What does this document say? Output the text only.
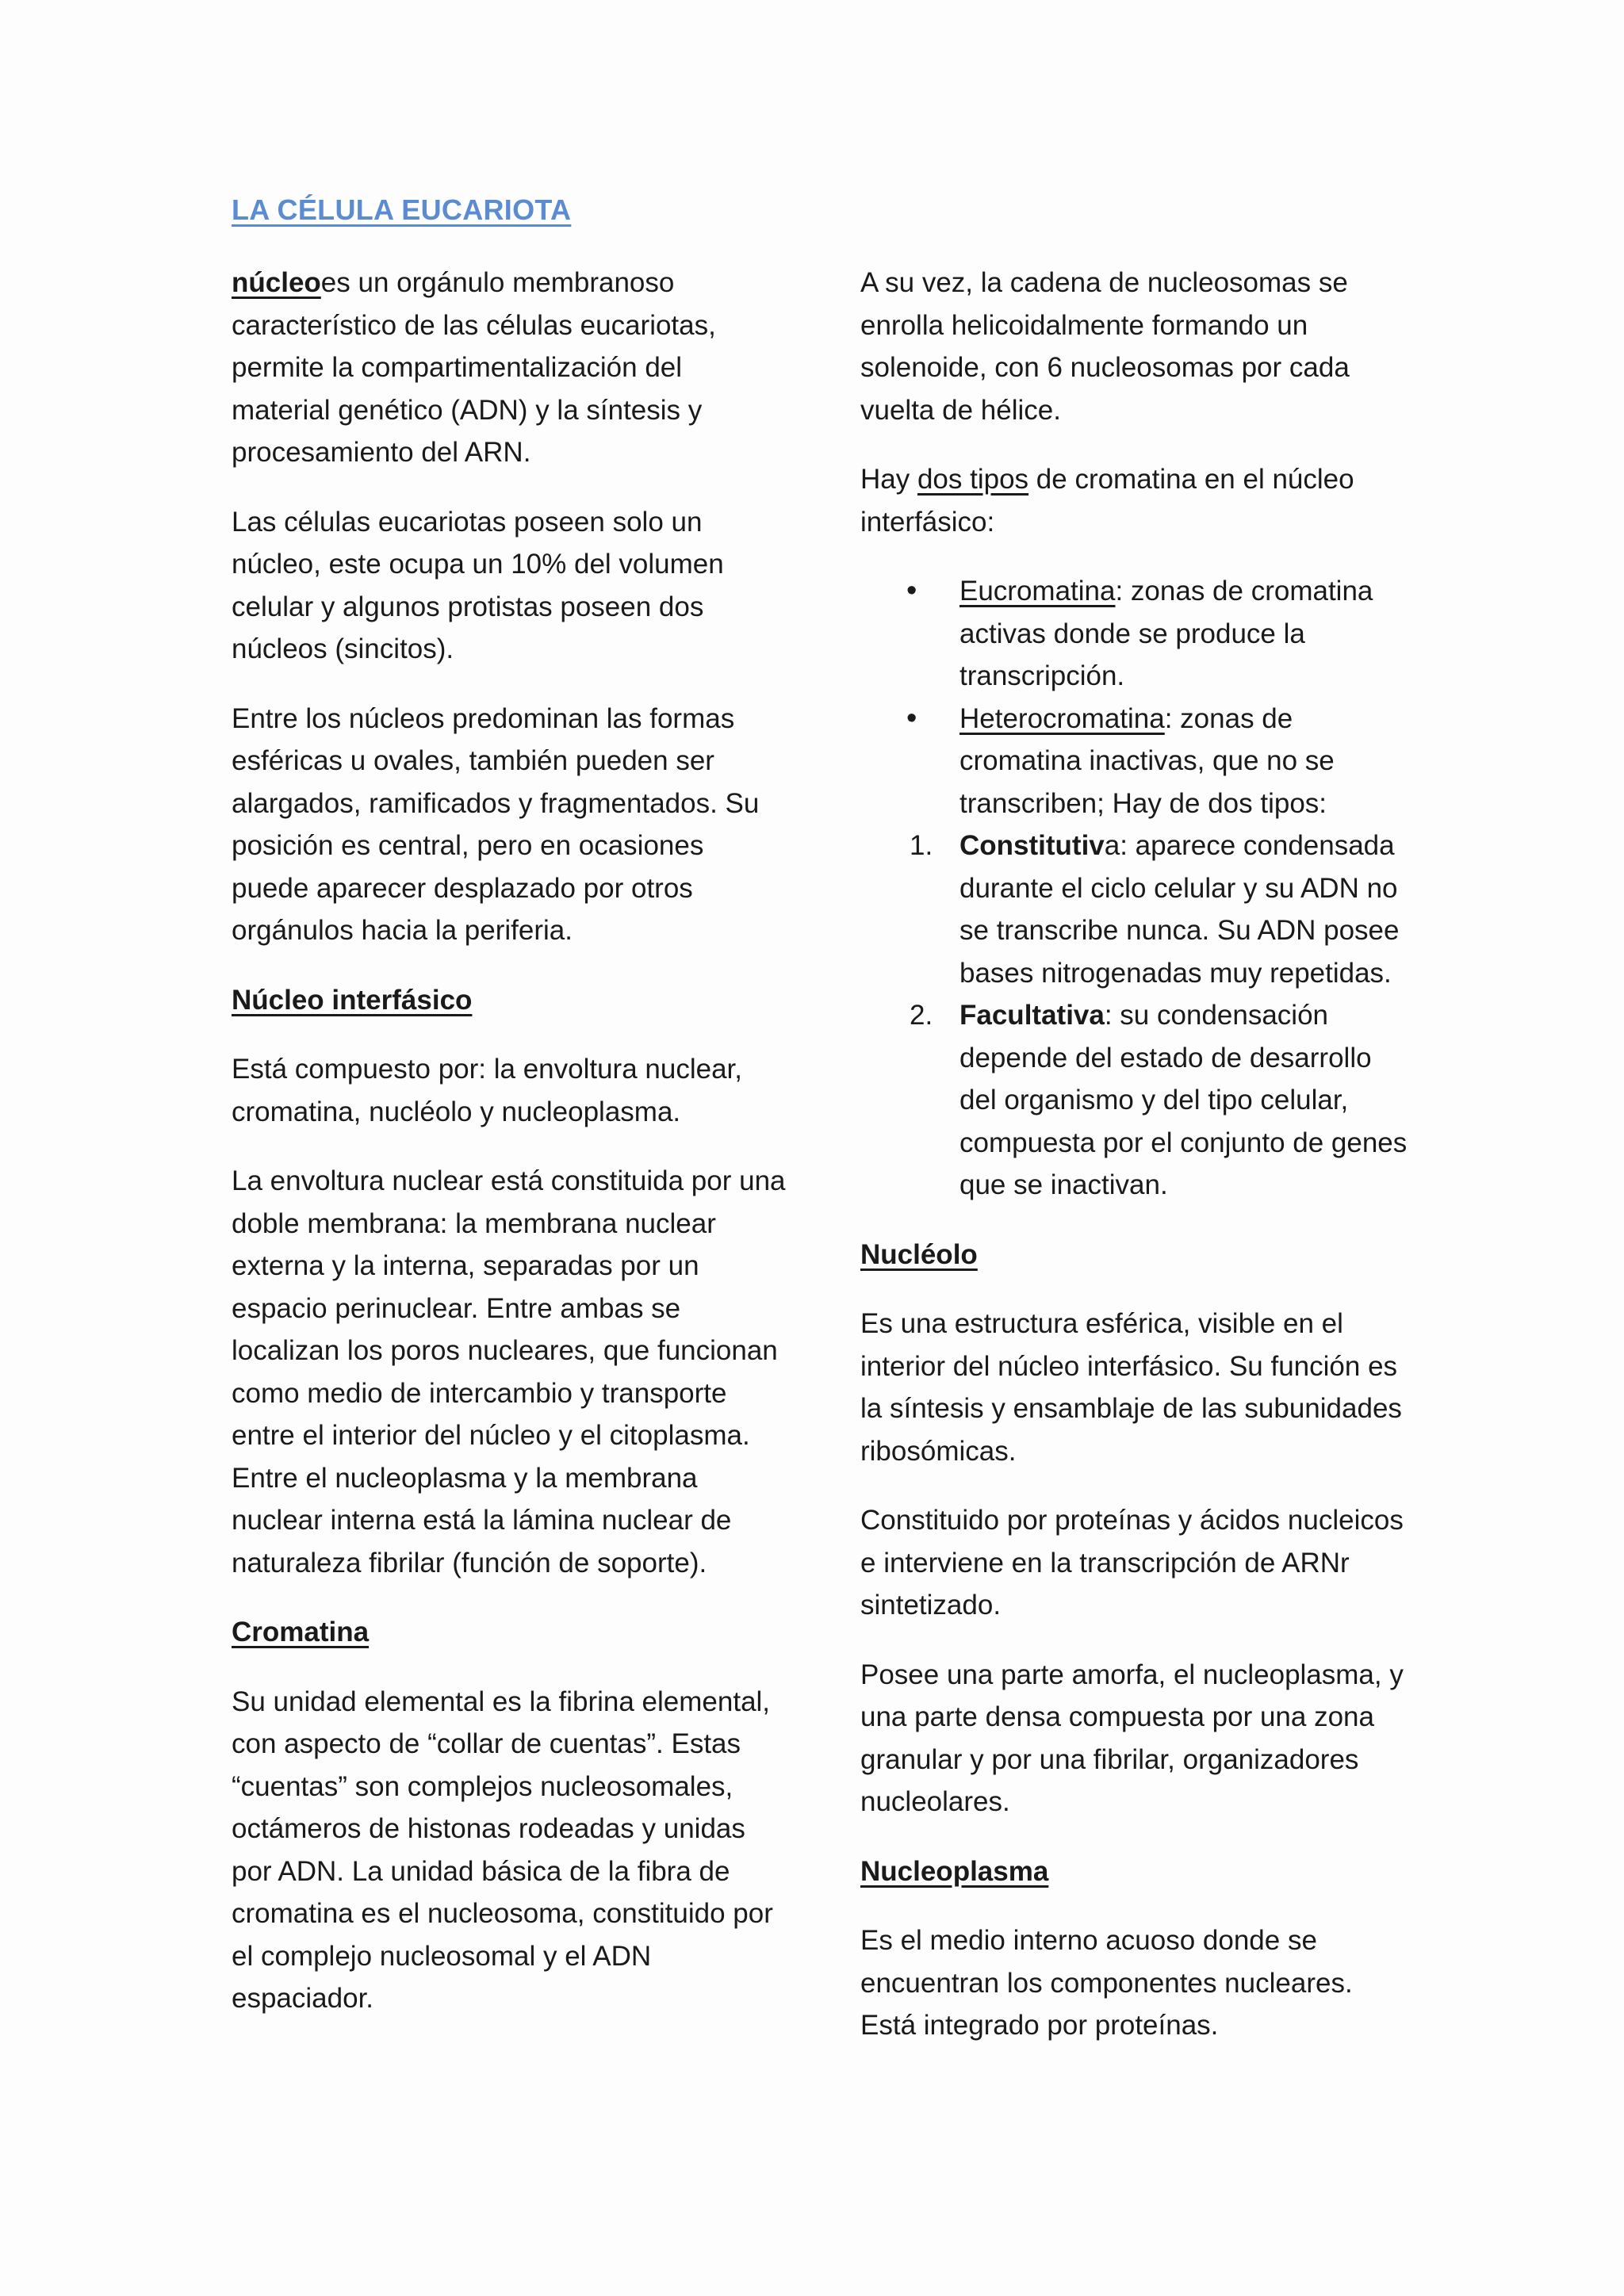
LA CÉLULA EUCARIOTA

núcleoes un orgánulo membranoso característico de las células eucariotas, permite la compartimentalización del material genético (ADN) y la síntesis y procesamiento del ARN.

Las células eucariotas poseen solo un núcleo, este ocupa un 10% del volumen celular y algunos protistas poseen dos núcleos (sincitos).

Entre los núcleos predominan las formas esféricas u ovales, también pueden ser alargados, ramificados y fragmentados. Su posición es central, pero en ocasiones puede aparecer desplazado por otros orgánulos hacia la periferia.

Núcleo interfásico

Está compuesto por: la envoltura nuclear, cromatina, nucléolo y nucleoplasma.

La envoltura nuclear está constituida por una doble membrana: la membrana nuclear externa y la interna, separadas por un espacio perinuclear. Entre ambas se localizan los poros nucleares, que funcionan como medio de intercambio y transporte entre el interior del núcleo y el citoplasma. Entre el nucleoplasma y la membrana nuclear interna está la lámina nuclear de naturaleza fibrilar (función de soporte).

Cromatina

Su unidad elemental es la fibrina elemental, con aspecto de “collar de cuentas”. Estas “cuentas” son complejos nucleosomales, octámeros de histonas rodeadas y unidas por ADN. La unidad básica de la fibra de cromatina es el nucleosoma, constituido por el complejo nucleosomal y el ADN espaciador.

A su vez, la cadena de nucleosomas se enrolla helicoidalmente formando un solenoide, con 6 nucleosomas por cada vuelta de hélice.

Hay dos tipos de cromatina en el núcleo interfásico:

• Eucromatina: zonas de cromatina activas donde se produce la transcripción.
• Heterocromatina: zonas de cromatina inactivas, que no se transcriben; Hay de dos tipos:
1. Constitutiva: aparece condensada durante el ciclo celular y su ADN no se transcribe nunca. Su ADN posee bases nitrogenadas muy repetidas.
2. Facultativa: su condensación depende del estado de desarrollo del organismo y del tipo celular, compuesta por el conjunto de genes que se inactivan.
Nucléolo

Es una estructura esférica, visible en el interior del núcleo interfásico. Su función es la síntesis y ensamblaje de las subunidades ribosómicas.

Constituido por proteínas y ácidos nucleicos e interviene en la transcripción de ARNr sintetizado.

Posee una parte amorfa, el nucleoplasma, y una parte densa compuesta por una zona granular y por una fibrilar, organizadores nucleolares.

Nucleoplasma

Es el medio interno acuoso donde se encuentran los componentes nucleares. Está integrado por proteínas.
